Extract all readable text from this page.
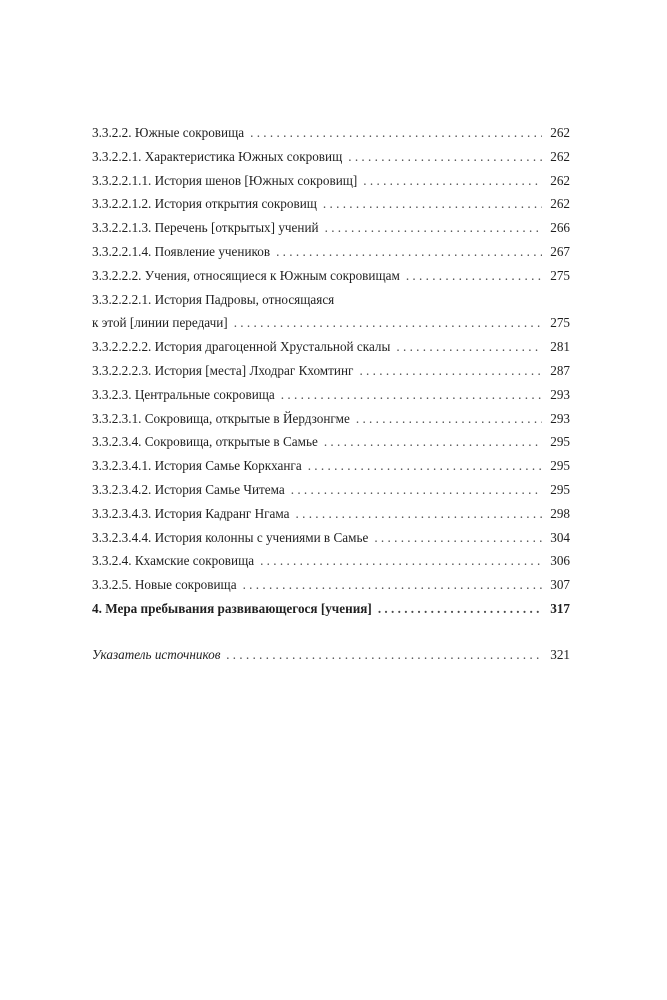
3.3.2.2. Южные сокровища . . .	262
3.3.2.2.1. Характеристика Южных сокровищ . . .	262
3.3.2.2.1.1. История шенов [Южных сокровищ] . . .	262
3.3.2.2.1.2. История открытия сокровищ . . .	262
3.3.2.2.1.3. Перечень [открытых] учений . . .	266
3.3.2.2.1.4. Появление учеников . . .	267
3.3.2.2.2. Учения, относящиеся к Южным сокровищам . . .	275
3.3.2.2.2.1. История Падровы, относящаяся
к этой [линии передачи] . . .	275
3.3.2.2.2.2. История драгоценной Хрустальной скалы . . .	281
3.3.2.2.2.3. История [места] Лходраг Кхомтинг . . .	287
3.3.2.3. Центральные сокровища . . .	293
3.3.2.3.1. Сокровища, открытые в Йердзонгме . . .	293
3.3.2.3.4. Сокровища, открытые в Самье . . .	295
3.3.2.3.4.1. История Самье Коркханга . . .	295
3.3.2.3.4.2. История Самье Читема . . .	295
3.3.2.3.4.3. История Кадранг Нгама . . .	298
3.3.2.3.4.4. История колонны с учениями в Самье . . .	304
3.3.2.4. Кхамские сокровища . . .	306
3.3.2.5. Новые сокровища . . .	307
4. Мера пребывания развивающегося [учения] . . .	317
Указатель источников . . .	321
